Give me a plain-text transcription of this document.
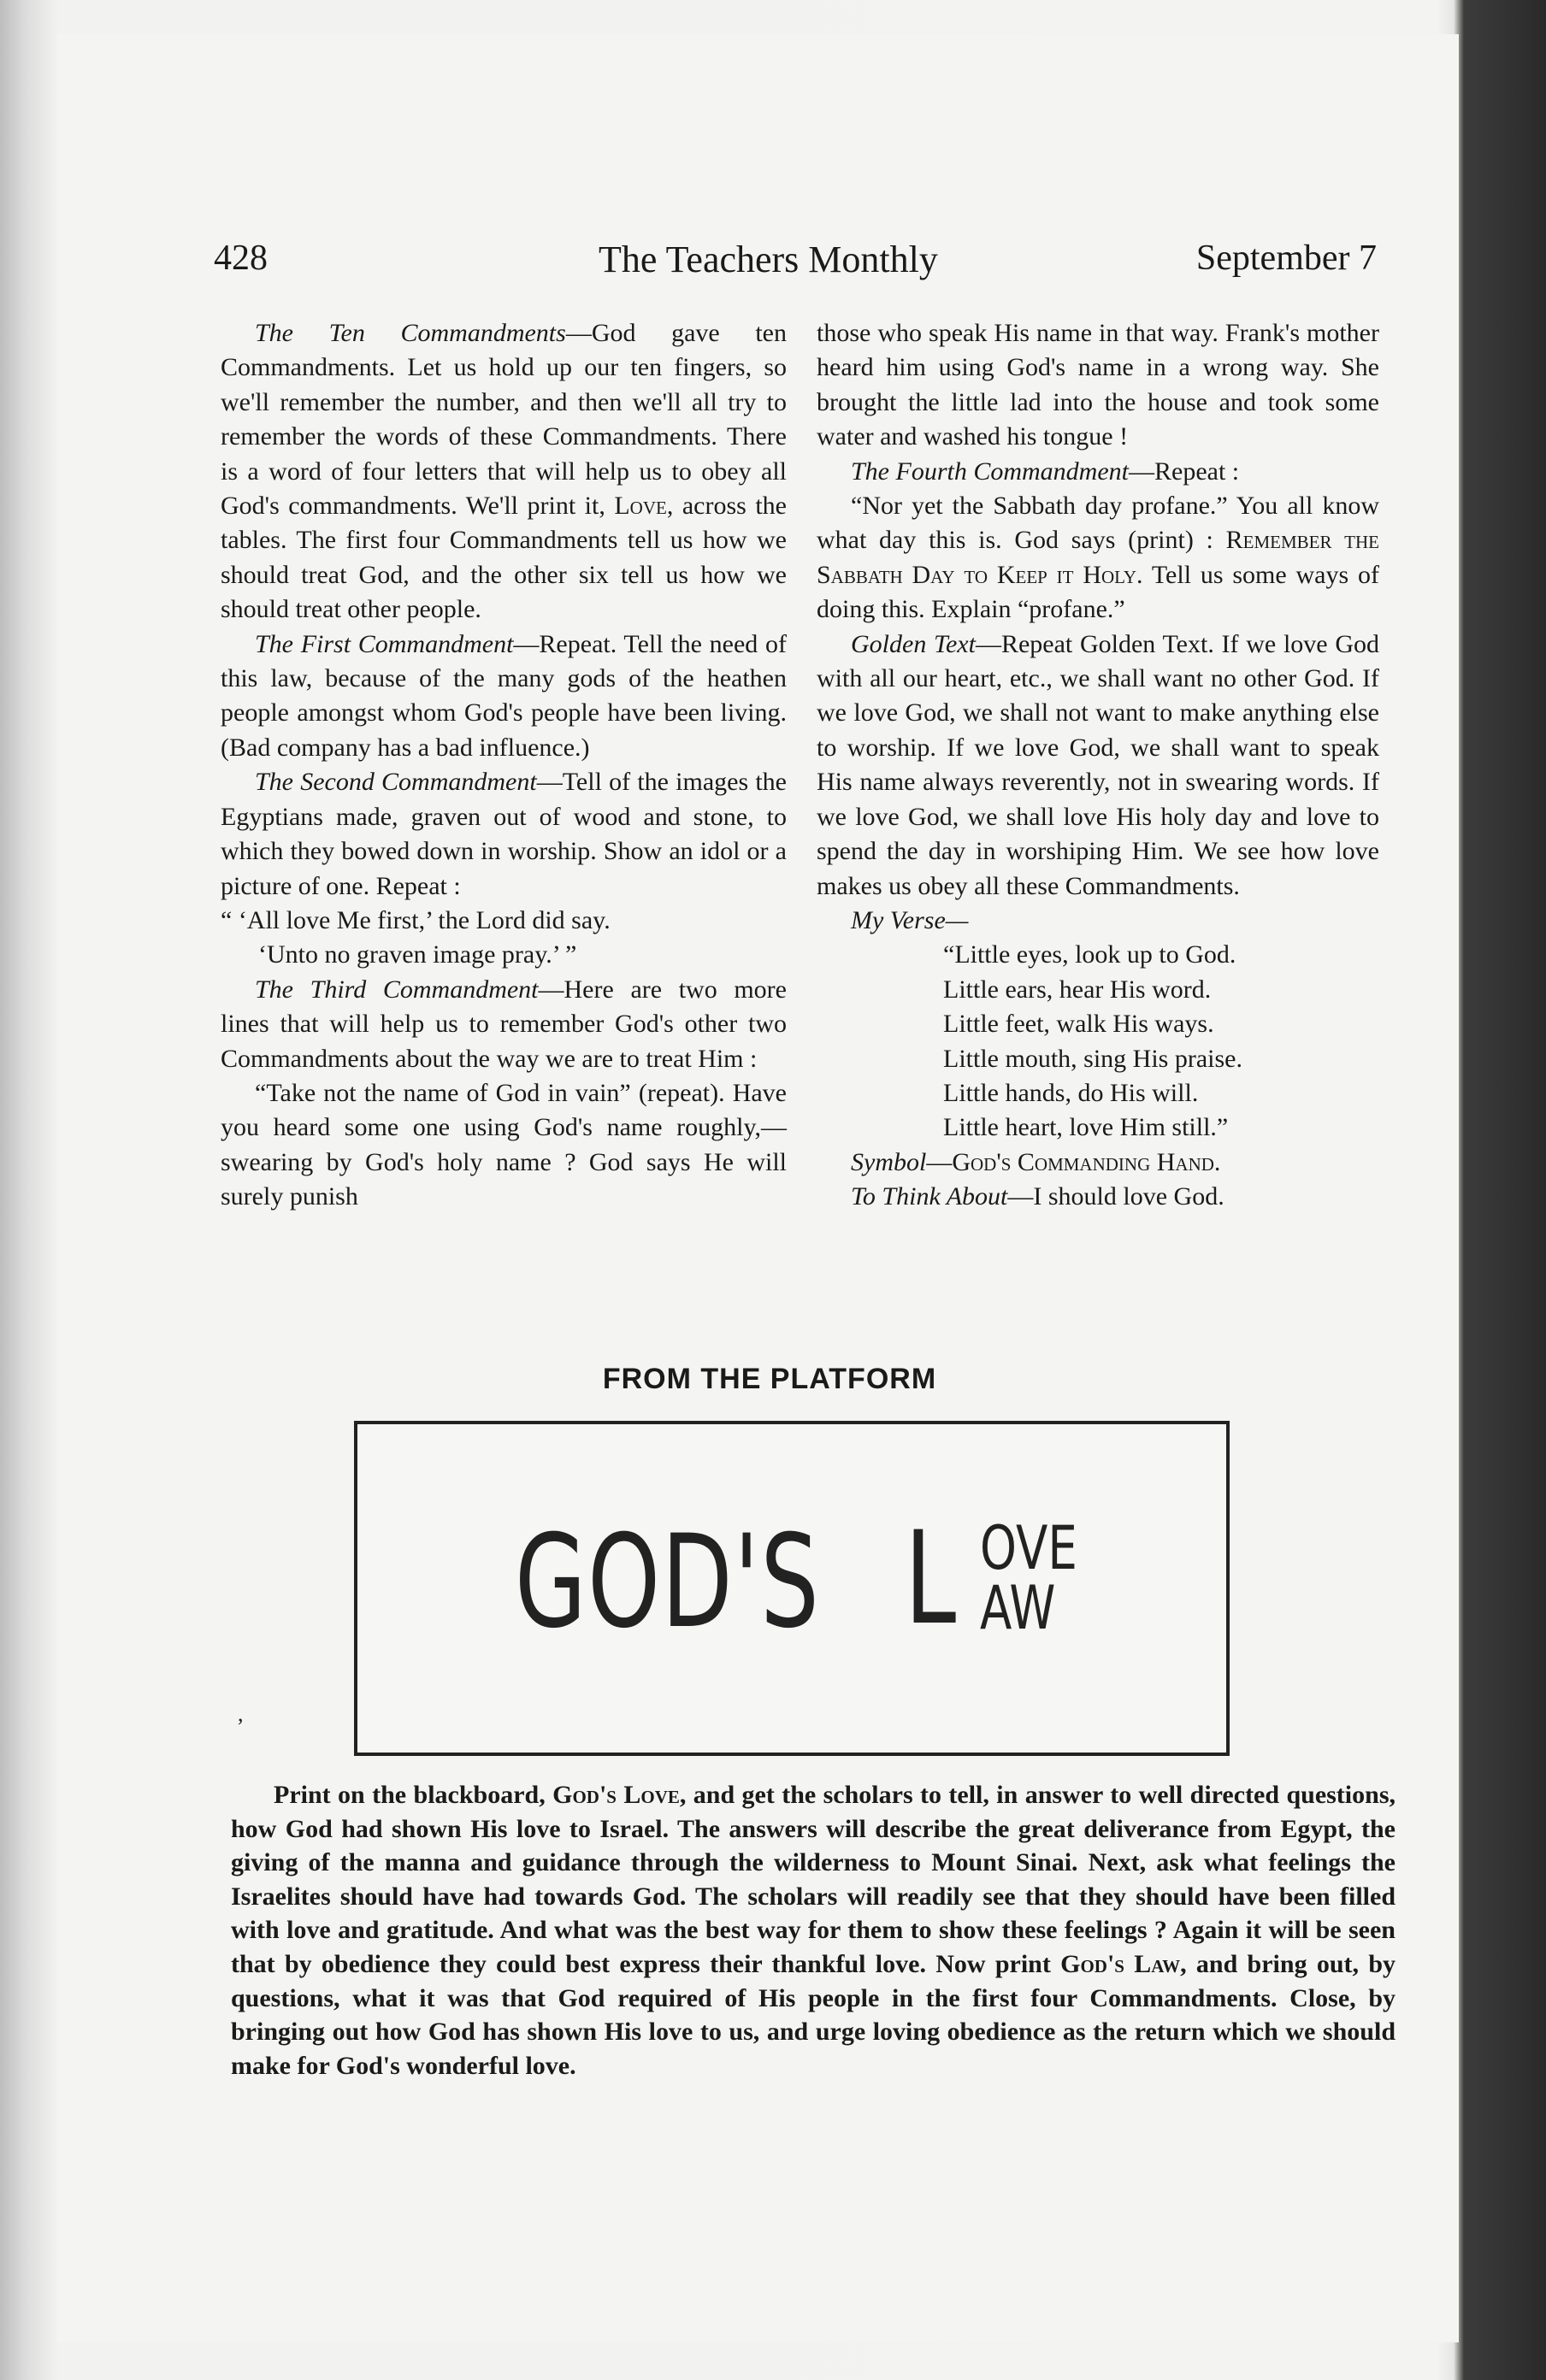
428	The Teachers Monthly	September 7

The Ten Commandments—God gave ten Commandments. Let us hold up our ten fingers, so we'll remember the number, and then we'll all try to remember the words of these Commandments. There is a word of four letters that will help us to obey all God's commandments. We'll print it, Love, across the tables. The first four Commandments tell us how we should treat God, and the other six tell us how we should treat other people.

The First Commandment—Repeat. Tell the need of this law, because of the many gods of the heathen people amongst whom God's people have been living. (Bad company has a bad influence.)

The Second Commandment—Tell of the images the Egyptians made, graven out of wood and stone, to which they bowed down in worship. Show an idol or a picture of one. Repeat :

“ ‘All love Me first,’ the Lord did say.

‘Unto no graven image pray.’ ”

The Third Commandment—Here are two more lines that will help us to remember God's other two Commandments about the way we are to treat Him :

“Take not the name of God in vain” (repeat). Have you heard some one using God's name roughly,—swearing by God's holy name ? God says He will surely punish

those who speak His name in that way. Frank's mother heard him using God's name in a wrong way. She brought the little lad into the house and took some water and washed his tongue !

The Fourth Commandment—Repeat :

“Nor yet the Sabbath day profane.” You all know what day this is. God says (print) : Remember the Sabbath Day to Keep it Holy. Tell us some ways of doing this. Explain “profane.”

Golden Text—Repeat Golden Text. If we love God with all our heart, etc., we shall want no other God. If we love God, we shall not want to make anything else to worship. If we love God, we shall want to speak His name always reverently, not in swearing words. If we love God, we shall love His holy day and love to spend the day in worshiping Him. We see how love makes us obey all these Commandments.

My Verse—

“Little eyes, look up to God.

Little ears, hear His word.

Little feet, walk His ways.

Little mouth, sing His praise.

Little hands, do His will.

Little heart, love Him still.”

Symbol—God's Commanding Hand.

To Think About—I should love God.

FROM THE PLATFORM
GOD'S L OVE
AW
,

Print on the blackboard, God's Love, and get the scholars to tell, in answer to well directed questions, how God had shown His love to Israel. The answers will describe the great deliverance from Egypt, the giving of the manna and guidance through the wilderness to Mount Sinai. Next, ask what feelings the Israelites should have had towards God. The scholars will readily see that they should have been filled with love and gratitude. And what was the best way for them to show these feelings ? Again it will be seen that by obedience they could best express their thankful love. Now print God's Law, and bring out, by questions, what it was that God required of His people in the first four Commandments. Close, by bringing out how God has shown His love to us, and urge loving obedience as the return which we should make for God's wonderful love.
